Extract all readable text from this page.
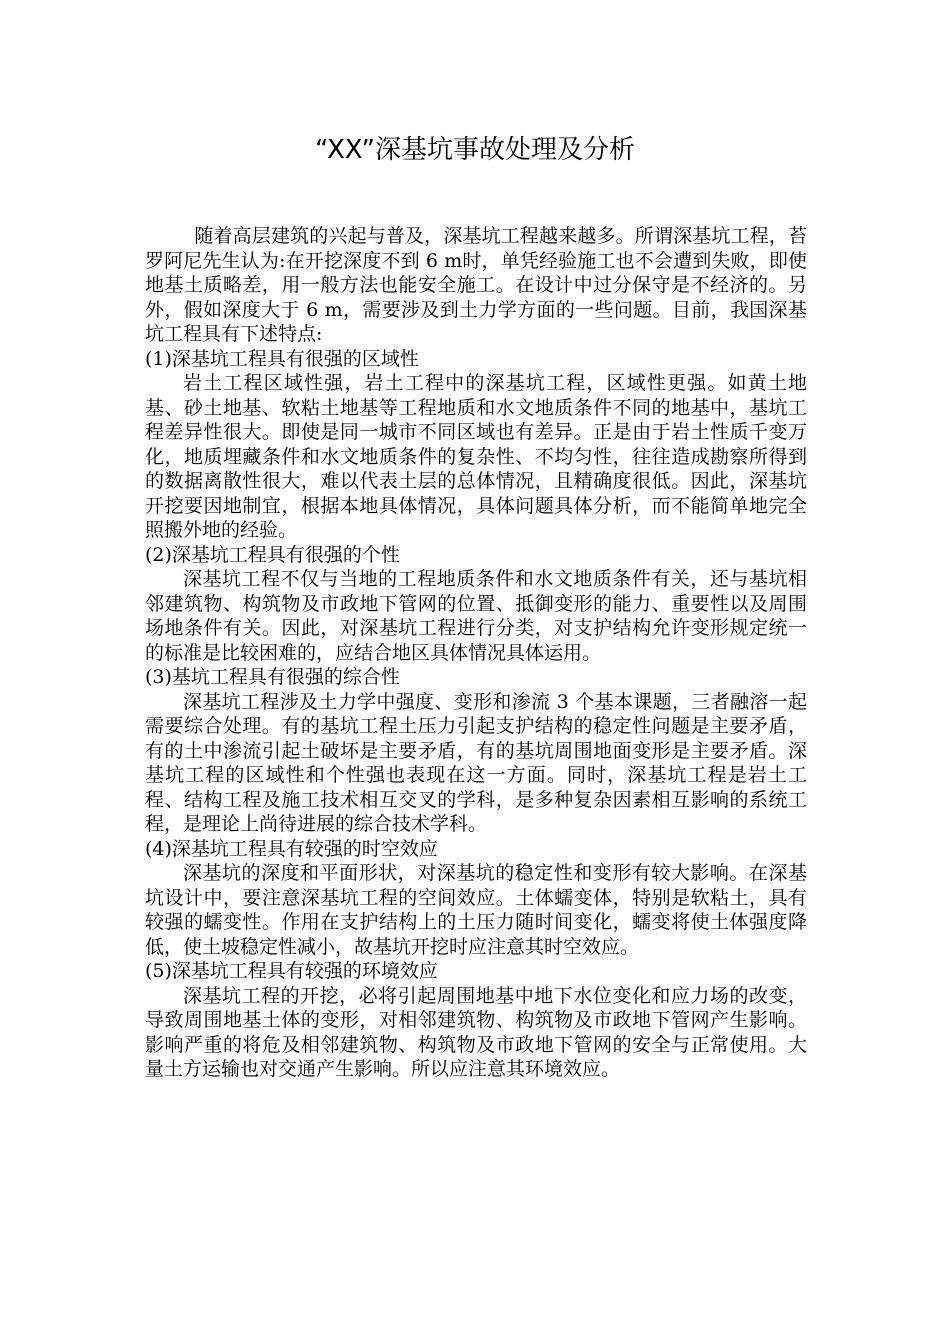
“XX”深基坑事故处理及分析

随着高层建筑的兴起与普及，深基坑工程越来越多。所谓深基坑工程，苔罗阿尼先生认为:在开挖深度不到 6 m时，单凭经验施工也不会遭到失败，即使地基土质略差，用一般方法也能安全施工。在设计中过分保守是不经济的。另外，假如深度大于 6 m，需要涉及到土力学方面的一些问题。目前，我国深基坑工程具有下述特点:

(1)深基坑工程具有很强的区域性

岩土工程区域性强，岩土工程中的深基坑工程，区域性更强。如黄土地基、砂土地基、软粘土地基等工程地质和水文地质条件不同的地基中，基坑工程差异性很大。即使是同一城市不同区域也有差异。正是由于岩土性质千变万化，地质埋藏条件和水文地质条件的复杂性、不均匀性，往往造成勘察所得到的数据离散性很大，难以代表土层的总体情况，且精确度很低。因此，深基坑开挖要因地制宜，根据本地具体情况，具体问题具体分析，而不能简单地完全照搬外地的经验。

(2)深基坑工程具有很强的个性

深基坑工程不仅与当地的工程地质条件和水文地质条件有关，还与基坑相邻建筑物、构筑物及市政地下管网的位置、抵御变形的能力、重要性以及周围场地条件有关。因此，对深基坑工程进行分类，对支护结构允许变形规定统一的标准是比较困难的，应结合地区具体情况具体运用。

(3)基坑工程具有很强的综合性

深基坑工程涉及土力学中强度、变形和渗流 3 个基本课题，三者融溶一起需要综合处理。有的基坑工程土压力引起支护结构的稳定性问题是主要矛盾，有的土中渗流引起土破坏是主要矛盾，有的基坑周围地面变形是主要矛盾。深基坑工程的区域性和个性强也表现在这一方面。同时，深基坑工程是岩土工程、结构工程及施工技术相互交叉的学科，是多种复杂因素相互影响的系统工程，是理论上尚待进展的综合技术学科。

(4)深基坑工程具有较强的时空效应

深基坑的深度和平面形状，对深基坑的稳定性和变形有较大影响。在深基坑设计中，要注意深基坑工程的空间效应。土体蠕变体，特别是软粘土，具有较强的蠕变性。作用在支护结构上的土压力随时间变化，蠕变将使土体强度降低，使土坡稳定性减小，故基坑开挖时应注意其时空效应。

(5)深基坑工程具有较强的环境效应

深基坑工程的开挖，必将引起周围地基中地下水位变化和应力场的改变，导致周围地基土体的变形，对相邻建筑物、构筑物及市政地下管网产生影响。影响严重的将危及相邻建筑物、构筑物及市政地下管网的安全与正常使用。大量土方运输也对交通产生影响。所以应注意其环境效应。
